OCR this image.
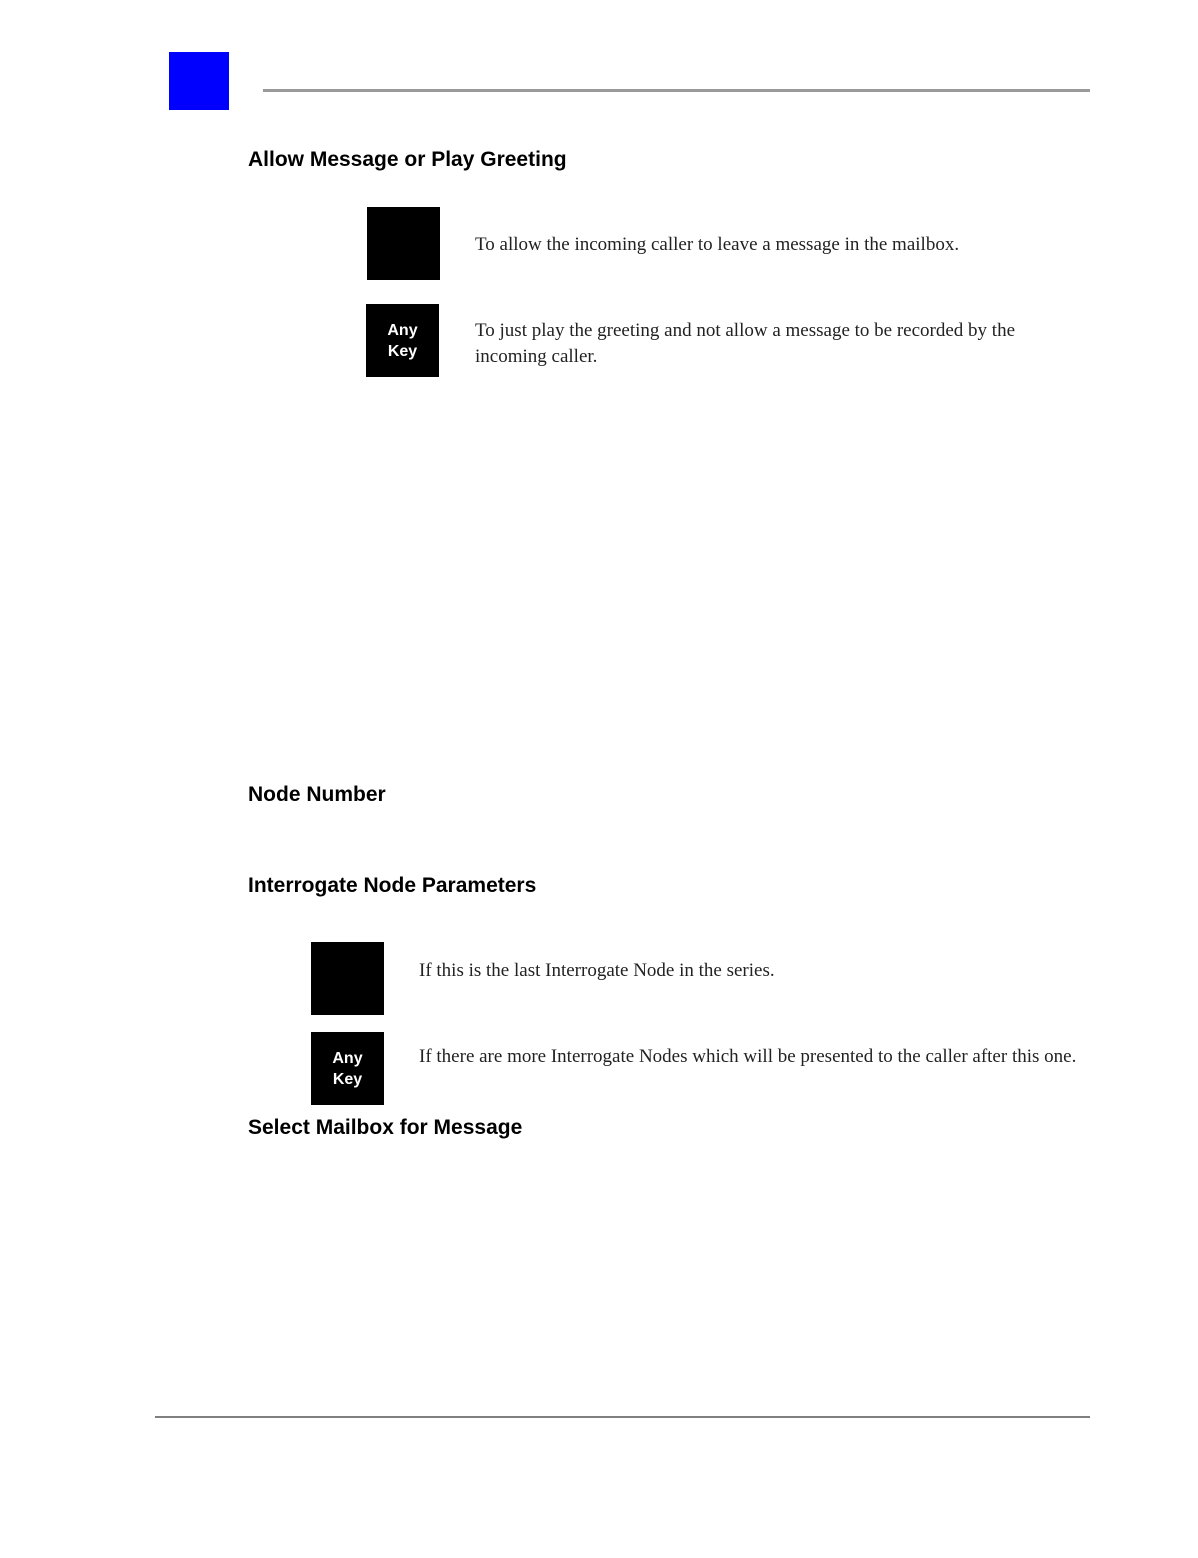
Allow Message or Play Greeting

To allow the incoming caller to leave a message in the mailbox.

Any
Key

To just play the greeting and not allow a message to be recorded by the incoming caller.

Node Number
Interrogate Node Parameters

If this is the last Interrogate Node in the series.

Any
Key

If there are more Interrogate Nodes which will be presented to the caller after this one.

Select Mailbox for Message
